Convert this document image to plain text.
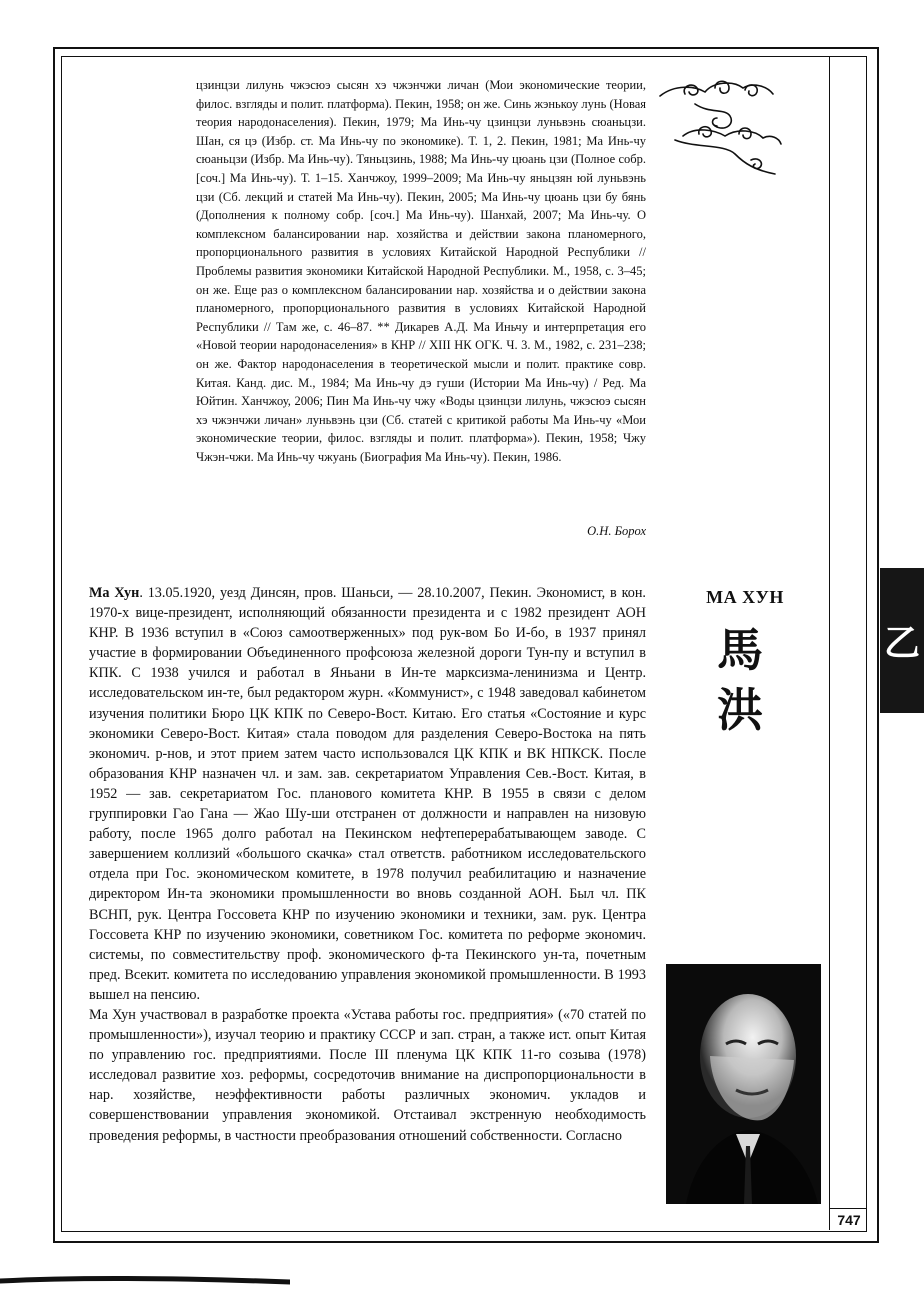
乙
цзинцзи лилунь чжэсюэ сысян хэ чжэнчжи личан (Мои экономические теории, филос. взгляды и полит. платформа). Пекин, 1958; он же. Синь жэнькоу лунь (Новая теория народонаселения). Пекин, 1979; Ма Инь-чу цзинцзи луньвэнь сюаньцзи. Шан, ся цэ (Избр. ст. Ма Инь-чу по экономике). Т. 1, 2. Пекин, 1981; Ма Инь-чу сюаньцзи (Избр. Ма Инь-чу). Тяньцзинь, 1988; Ма Инь-чу цюань цзи (Полное собр. [соч.] Ма Инь-чу). Т. 1–15. Ханчжоу, 1999–2009; Ма Инь-чу яньцзян юй луньвэнь цзи (Сб. лекций и статей Ма Инь-чу). Пекин, 2005; Ма Инь-чу цюань цзи бу бянь (Дополнения к полному собр. [соч.] Ма Инь-чу). Шанхай, 2007; Ма Инь-чу. О комплексном балансировании нар. хозяйства и действии закона планомерного, пропорционального развития в условиях Китайской Народной Республики // Проблемы развития экономики Китайской Народной Республики. М., 1958, с. 3–45; он же. Еще раз о комплексном балансировании нар. хозяйства и о действии закона планомерного, пропорционального развития в условиях Китайской Народной Республики // Там же, с. 46–87. ** Дикарев А.Д. Ма Иньчу и интерпретация его «Новой теории народонаселения» в КНР // XIII НК ОГК. Ч. 3. М., 1982, с. 231–238; он же. Фактор народонаселения в теоретической мысли и полит. практике совр. Китая. Канд. дис. М., 1984; Ма Инь-чу дэ гуши (Истории Ма Инь-чу) / Ред. Ма Юйтин. Ханчжоу, 2006; Пин Ма Инь-чу чжу «Воды цзинцзи лилунь, чжэсюэ сысян хэ чжэнчжи личан» луньвэнь цзи (Сб. статей с критикой работы Ма Инь-чу «Мои экономические теории, филос. взгляды и полит. платформа»). Пекин, 1958; Чжу Чжэн-чжи. Ма Инь-чу чжуань (Биография Ма Инь-чу). Пекин, 1986.
О.Н. Борох

Ма Хун. 13.05.1920, уезд Динсян, пров. Шаньси, — 28.10.2007, Пекин. Экономист, в кон. 1970-х вице-президент, исполняющий обязанности президента и с 1982 президент АОН КНР. В 1936 вступил в «Союз самоотверженных» под рук-вом Бо И-бо, в 1937 принял участие в формировании Объединенного профсоюза железной дороги Тун-пу и вступил в КПК. С 1938 учился и работал в Яньани в Ин-те марксизма-ленинизма и Центр. исследовательском ин-те, был редактором журн. «Коммунист», с 1948 заведовал кабинетом изучения политики Бюро ЦК КПК по Северо-Вост. Китаю. Его статья «Состояние и курс экономики Северо-Вост. Китая» стала поводом для разделения Северо-Востока на пять экономич. р-нов, и этот прием затем часто использовался ЦК КПК и ВК НПКСК. После образования КНР назначен чл. и зам. зав. секретариатом Управления Сев.-Вост. Китая, в 1952 — зав. секретариатом Гос. планового комитета КНР. В 1955 в связи с делом группировки Гао Гана — Жао Шу-ши отстранен от должности и направлен на низовую работу, после 1965 долго работал на Пекинском нефтеперерабатывающем заводе. С завершением коллизий «большого скачка» стал ответств. работником исследовательского отдела при Гос. экономическом комитете, в 1978 получил реабилитацию и назначение директором Ин-та экономики промышленности во вновь созданной АОН. Был чл. ПК ВСНП, рук. Центра Госсовета КНР по изучению экономики и техники, зам. рук. Центра Госсовета КНР по изучению экономики, советником Гос. комитета по реформе экономич. системы, по совместительству проф. экономического ф-та Пекинского ун-та, почетным пред. Всекит. комитета по исследованию управления экономикой промышленности. В 1993 вышел на пенсию.

Ма Хун участвовал в разработке проекта «Устава работы гос. предприятия» («70 статей по промышленности»), изучал теорию и практику СССР и зап. стран, а также ист. опыт Китая по управлению гос. предприятиями. После III пленума ЦК КПК 11-го созыва (1978) исследовал развитие хоз. реформы, сосредоточив внимание на диспропорциональности в нар. хозяйстве, неэффективности работы различных экономич. укладов и совершенствовании управления экономикой. Отстаивал экстренную необходимость проведения реформы, в частности преобразования отношений собственности. Согласно

МА ХУН
馬
洪
747
